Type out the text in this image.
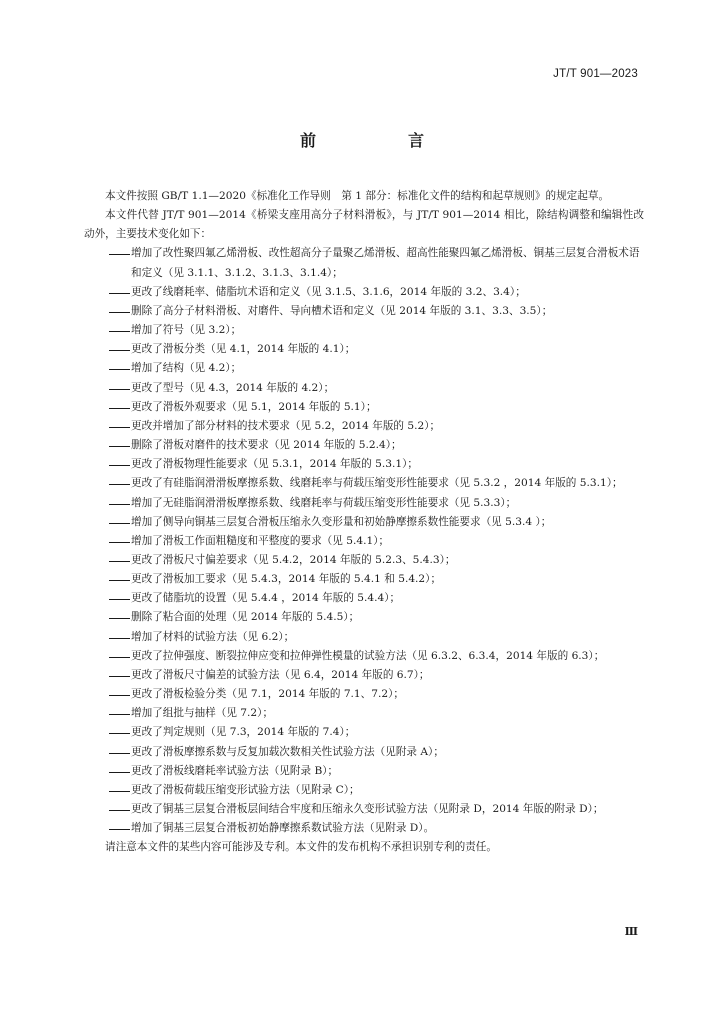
JT/T 901—2023
前　言

本文件按照 GB/T 1.1—2020《标准化工作导则　第 1 部分：标准化文件的结构和起草规则》的规定起草。

本文件代替 JT/T 901—2014《桥梁支座用高分子材料滑板》，与 JT/T 901—2014 相比，除结构调整和编辑性改动外，主要技术变化如下：

增加了改性聚四氟乙烯滑板、改性超高分子量聚乙烯滑板、超高性能聚四氟乙烯滑板、铜基三层复合滑板术语和定义（见 3.1.1、3.1.2、3.1.3、3.1.4）；

更改了线磨耗率、储脂坑术语和定义（见 3.1.5、3.1.6，2014 年版的 3.2、3.4）；

删除了高分子材料滑板、对磨件、导向槽术语和定义（见 2014 年版的 3.1、3.3、3.5）；

增加了符号（见 3.2）；

更改了滑板分类（见 4.1，2014 年版的 4.1）；

增加了结构（见 4.2）；

更改了型号（见 4.3，2014 年版的 4.2）；

更改了滑板外观要求（见 5.1，2014 年版的 5.1）；

更改并增加了部分材料的技术要求（见 5.2，2014 年版的 5.2）；

删除了滑板对磨件的技术要求（见 2014 年版的 5.2.4）；

更改了滑板物理性能要求（见 5.3.1，2014 年版的 5.3.1）；

更改了有硅脂润滑滑板摩擦系数、线磨耗率与荷载压缩变形性能要求（见 5.3.2 ，2014 年版的 5.3.1）；

增加了无硅脂润滑滑板摩擦系数、线磨耗率与荷载压缩变形性能要求（见 5.3.3）；

增加了侧导向铜基三层复合滑板压缩永久变形量和初始静摩擦系数性能要求（见 5.3.4 ）；

增加了滑板工作面粗糙度和平整度的要求（见 5.4.1）；

更改了滑板尺寸偏差要求（见 5.4.2，2014 年版的 5.2.3、5.4.3）；

更改了滑板加工要求（见 5.4.3，2014 年版的 5.4.1 和 5.4.2）；

更改了储脂坑的设置（见 5.4.4 ，2014 年版的 5.4.4）；

删除了粘合面的处理（见 2014 年版的 5.4.5）；

增加了材料的试验方法（见 6.2）；

更改了拉伸强度、断裂拉伸应变和拉伸弹性模量的试验方法（见 6.3.2、6.3.4，2014 年版的 6.3）；

更改了滑板尺寸偏差的试验方法（见 6.4，2014 年版的 6.7）；

更改了滑板检验分类（见 7.1，2014 年版的 7.1、7.2）；

增加了组批与抽样（见 7.2）；

更改了判定规则（见 7.3，2014 年版的 7.4）；

更改了滑板摩擦系数与反复加载次数相关性试验方法（见附录 A）；

更改了滑板线磨耗率试验方法（见附录 B）；

更改了滑板荷载压缩变形试验方法（见附录 C）；

更改了铜基三层复合滑板层间结合牢度和压缩永久变形试验方法（见附录 D，2014 年版的附录 D）；

增加了铜基三层复合滑板初始静摩擦系数试验方法（见附录 D）。

请注意本文件的某些内容可能涉及专利。本文件的发布机构不承担识别专利的责任。

Ⅲ
